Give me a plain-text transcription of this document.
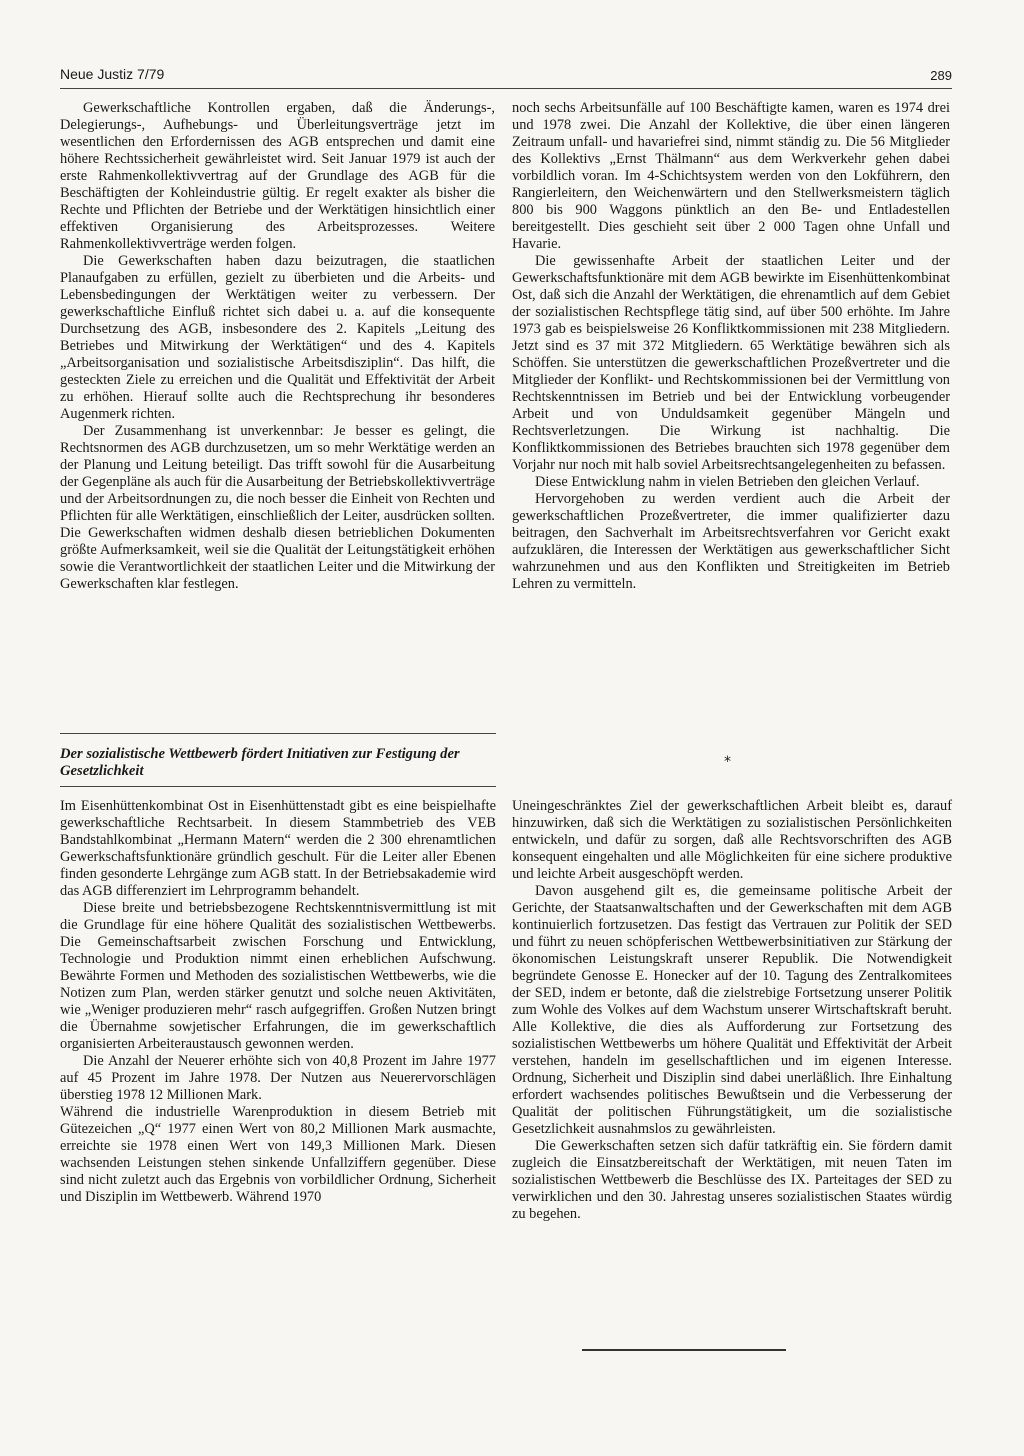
Neue Justiz 7/79	289

Gewerkschaftliche Kontrollen ergaben, daß die Änderungs-, Delegierungs-, Aufhebungs- und Überleitungsverträge jetzt im wesentlichen den Erfordernissen des AGB entsprechen und damit eine höhere Rechtssicherheit gewährleistet wird. Seit Januar 1979 ist auch der erste Rahmenkollektivvertrag auf der Grundlage des AGB für die Beschäftigten der Kohleindustrie gültig. Er regelt exakter als bisher die Rechte und Pflichten der Betriebe und der Werktätigen hinsichtlich einer effektiven Organisierung des Arbeitsprozesses. Weitere Rahmenkollektivverträge werden folgen.

Die Gewerkschaften haben dazu beizutragen, die staatlichen Planaufgaben zu erfüllen, gezielt zu überbieten und die Arbeits- und Lebensbedingungen der Werktätigen weiter zu verbessern. Der gewerkschaftliche Einfluß richtet sich dabei u. a. auf die konsequente Durchsetzung des AGB, insbesondere des 2. Kapitels „Leitung des Betriebes und Mitwirkung der Werktätigen“ und des 4. Kapitels „Arbeitsorganisation und sozialistische Arbeitsdisziplin“. Das hilft, die gesteckten Ziele zu erreichen und die Qualität und Effektivität der Arbeit zu erhöhen. Hierauf sollte auch die Rechtsprechung ihr besonderes Augenmerk richten.

Der Zusammenhang ist unverkennbar: Je besser es gelingt, die Rechtsnormen des AGB durchzusetzen, um so mehr Werktätige werden an der Planung und Leitung beteiligt. Das trifft sowohl für die Ausarbeitung der Gegenpläne als auch für die Ausarbeitung der Betriebskollektivverträge und der Arbeitsordnungen zu, die noch besser die Einheit von Rechten und Pflichten für alle Werktätigen, einschließlich der Leiter, ausdrücken sollten. Die Gewerkschaften widmen deshalb diesen betrieblichen Dokumenten größte Aufmerksamkeit, weil sie die Qualität der Leitungstätigkeit erhöhen sowie die Verantwortlichkeit der staatlichen Leiter und die Mitwirkung der Gewerkschaften klar festlegen.

noch sechs Arbeitsunfälle auf 100 Beschäftigte kamen, waren es 1974 drei und 1978 zwei. Die Anzahl der Kollektive, die über einen längeren Zeitraum unfall- und havariefrei sind, nimmt ständig zu. Die 56 Mitglieder des Kollektivs „Ernst Thälmann“ aus dem Werkverkehr gehen dabei vorbildlich voran. Im 4-Schichtsystem werden von den Lokführern, den Rangierleitern, den Weichenwärtern und den Stellwerksmeistern täglich 800 bis 900 Waggons pünktlich an den Be- und Entladestellen bereitgestellt. Dies geschieht seit über 2 000 Tagen ohne Unfall und Havarie.

Die gewissenhafte Arbeit der staatlichen Leiter und der Gewerkschaftsfunktionäre mit dem AGB bewirkte im Eisenhüttenkombinat Ost, daß sich die Anzahl der Werktätigen, die ehrenamtlich auf dem Gebiet der sozialistischen Rechtspflege tätig sind, auf über 500 erhöhte. Im Jahre 1973 gab es beispielsweise 26 Konfliktkommissionen mit 238 Mitgliedern. Jetzt sind es 37 mit 372 Mitgliedern. 65 Werktätige bewähren sich als Schöffen. Sie unterstützen die gewerkschaftlichen Prozeßvertreter und die Mitglieder der Konflikt- und Rechtskommissionen bei der Vermittlung von Rechtskenntnissen im Betrieb und bei der Entwicklung vorbeugender Arbeit und von Unduldsamkeit gegenüber Mängeln und Rechtsverletzungen. Die Wirkung ist nachhaltig. Die Konfliktkommissionen des Betriebes brauchten sich 1978 gegenüber dem Vorjahr nur noch mit halb soviel Arbeitsrechtsangelegenheiten zu befassen.

Diese Entwicklung nahm in vielen Betrieben den gleichen Verlauf.

Hervorgehoben zu werden verdient auch die Arbeit der gewerkschaftlichen Prozeßvertreter, die immer qualifizierter dazu beitragen, den Sachverhalt im Arbeitsrechtsverfahren vor Gericht exakt aufzuklären, die Interessen der Werktätigen aus gewerkschaftlicher Sicht wahrzunehmen und aus den Konflikten und Streitigkeiten im Betrieb Lehren zu vermitteln.

Der sozialistische Wettbewerb fördert Initiativen zur Festigung der Gesetzlichkeit
*

Im Eisenhüttenkombinat Ost in Eisenhüttenstadt gibt es eine beispielhafte gewerkschaftliche Rechtsarbeit. In diesem Stammbetrieb des VEB Bandstahlkombinat „Hermann Matern“ werden die 2 300 ehrenamtlichen Gewerkschaftsfunktionäre gründlich geschult. Für die Leiter aller Ebenen finden gesonderte Lehrgänge zum AGB statt. In der Betriebsakademie wird das AGB differenziert im Lehrprogramm behandelt.

Diese breite und betriebsbezogene Rechtskenntnisvermittlung ist mit die Grundlage für eine höhere Qualität des sozialistischen Wettbewerbs. Die Gemeinschaftsarbeit zwischen Forschung und Entwicklung, Technologie und Produktion nimmt einen erheblichen Aufschwung. Bewährte Formen und Methoden des sozialistischen Wettbewerbs, wie die Notizen zum Plan, werden stärker genutzt und solche neuen Aktivitäten, wie „Weniger produzieren mehr“ rasch aufgegriffen. Großen Nutzen bringt die Übernahme sowjetischer Erfahrungen, die im gewerkschaftlich organisierten Arbeiteraustausch gewonnen werden.

Die Anzahl der Neuerer erhöhte sich von 40,8 Prozent im Jahre 1977 auf 45 Prozent im Jahre 1978. Der Nutzen aus Neuerervorschlägen überstieg 1978 12 Millionen Mark.

Während die industrielle Warenproduktion in diesem Betrieb mit Gütezeichen „Q“ 1977 einen Wert von 80,2 Millionen Mark ausmachte, erreichte sie 1978 einen Wert von 149,3 Millionen Mark. Diesen wachsenden Leistungen stehen sinkende Unfallziffern gegenüber. Diese sind nicht zuletzt auch das Ergebnis von vorbildlicher Ordnung, Sicherheit und Disziplin im Wettbewerb. Während 1970

Uneingeschränktes Ziel der gewerkschaftlichen Arbeit bleibt es, darauf hinzuwirken, daß sich die Werktätigen zu sozialistischen Persönlichkeiten entwickeln, und dafür zu sorgen, daß alle Rechtsvorschriften des AGB konsequent eingehalten und alle Möglichkeiten für eine sichere produktive und leichte Arbeit ausgeschöpft werden.

Davon ausgehend gilt es, die gemeinsame politische Arbeit der Gerichte, der Staatsanwaltschaften und der Gewerkschaften mit dem AGB kontinuierlich fortzusetzen. Das festigt das Vertrauen zur Politik der SED und führt zu neuen schöpferischen Wettbewerbsinitiativen zur Stärkung der ökonomischen Leistungskraft unserer Republik. Die Notwendigkeit begründete Genosse E. Honecker auf der 10. Tagung des Zentralkomitees der SED, indem er betonte, daß die zielstrebige Fortsetzung unserer Politik zum Wohle des Volkes auf dem Wachstum unserer Wirtschaftskraft beruht. Alle Kollektive, die dies als Aufforderung zur Fortsetzung des sozialistischen Wettbewerbs um höhere Qualität und Effektivität der Arbeit verstehen, handeln im gesellschaftlichen und im eigenen Interesse. Ordnung, Sicherheit und Disziplin sind dabei unerläßlich. Ihre Einhaltung erfordert wachsendes politisches Bewußtsein und die Verbesserung der Qualität der politischen Führungstätigkeit, um die sozialistische Gesetzlichkeit ausnahmslos zu gewährleisten.

Die Gewerkschaften setzen sich dafür tatkräftig ein. Sie fördern damit zugleich die Einsatzbereitschaft der Werktätigen, mit neuen Taten im sozialistischen Wettbewerb die Beschlüsse des IX. Parteitages der SED zu verwirklichen und den 30. Jahrestag unseres sozialistischen Staates würdig zu begehen.
